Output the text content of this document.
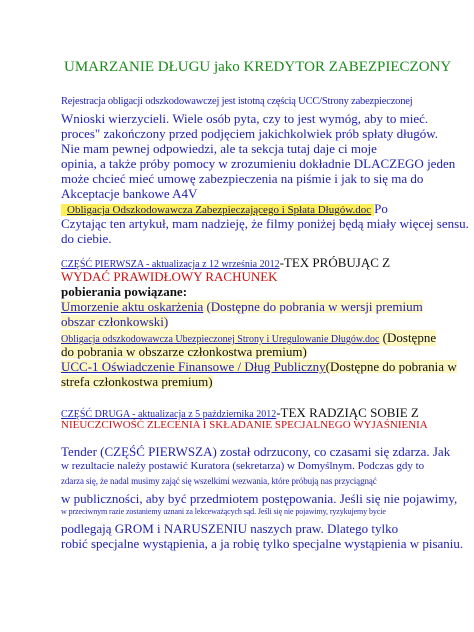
UMARZANIE DŁUGU jako KREDYTOR ZABEZPIECZONY
Rejestracja obligacji odszkodowawczej jest istotną częścią UCC/Strony zabezpieczonej
Wnioski wierzycieli. Wiele osób pyta, czy to jest wymóg, aby to mieć.
proces" zakończony przed podjęciem jakichkolwiek prób spłaty długów.
Nie mam pewnej odpowiedzi, ale ta sekcja tutaj daje ci moje
opinia, a także próby pomocy w zrozumieniu dokładnie DLACZEGO jeden
może chcieć mieć umowę zabezpieczenia na piśmie i jak to się ma do
Akceptacje bankowe A4V
Obligacja Odszkodowawcza Zabezpieczającego i Spłata Długów.doc Po
Czytając ten artykuł, mam nadzieję, że filmy poniżej będą miały więcej sensu.
do ciebie.
CZĘŚĆ PIERWSZA - aktualizacja z 12 września 2012-TEX PRÓBUJĄC Z
WYDAĆ PRAWIDŁOWY RACHUNEK
pobierania powiązane:
Umorzenie aktu oskarżenia (Dostępne do pobrania w wersji premium
obszar członkowski)
Obligacja odszkodowawcza Ubezpieczonej Strony i Uregulowanie Długów.doc (Dostępne
do pobrania w obszarze członkostwa premium)
UCC-1 Oświadczenie Finansowe / Dług Publiczny(Dostępne do pobrania w
strefa członkostwa premium)
CZĘŚĆ DRUGA - aktualizacja z 5 października 2012-TEX RADZIĄC SOBIE Z
NIEUCZCIWOŚĆ ZLECENIA I SKŁADANIE SPECJALNEGO WYJAŚNIENIA
Tender (CZĘŚĆ PIERWSZA) został odrzucony, co czasami się zdarza. Jak
w rezultacie należy postawić Kuratora (sekretarza) w Domyślnym. Podczas gdy to
zdarza się, że nadal musimy zająć się wszelkimi wezwania, które próbują nas przyciągnąć
w publiczności, aby być przedmiotem postępowania. Jeśli się nie pojawimy,
w przeciwnym razie zostaniemy uznani za lekceważących sąd. Jeśli się nie pojawimy, ryzykujemy bycie
podlegają GROM i NARUSZENIU naszych praw. Dlatego tylko
robić specjalne wystąpienia, a ja robię tylko specjalne wystąpienia w pisaniu.
